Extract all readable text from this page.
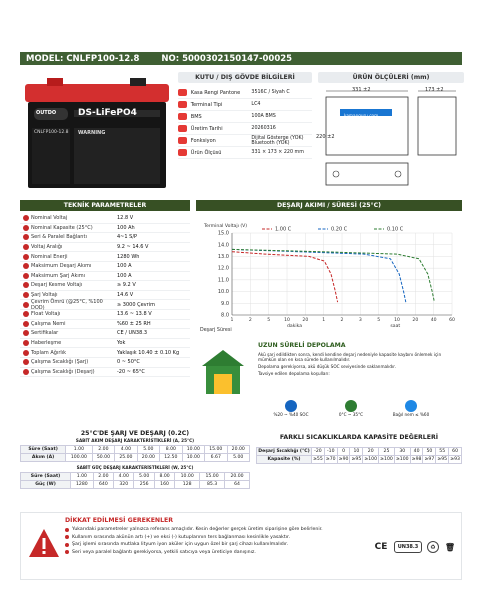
MODEL: CNLFP100-12.8	NO: 5000302150147-00025
DS-LiFePO4
OUTDO
CNLFP100-12.8 WARNING
KUTU / DIŞ GÖVDE BİLGİLERİ
Kasa Rengi Pantone	3516C / Siyah C
Terminal Tipi	LC4
BMS	100A BMS
Üretim Tarihi	20260316
Fonksiyon	Dijital Gösterge (YOK) Bluetooth (YOK)
Ürün Ölçüsü	331 × 173 × 220 mm
ÜRÜN ÖLÇÜLERİ (mm)
331 ±2	173 ±2
220 ±2
kamapguru.com
TEKNİK PARAMETRELER
Nominal Voltaj	12.8 V
Nominal Kapasite (25°C)	100 Ah
Seri & Paralel Bağlantı	4~1 S/P
Voltaj Aralığı	9.2 ~ 14.6 V
Nominal Enerji	1280 Wh
Maksimum Deşarj Akımı	100 A
Maksimum Şarj Akımı	100 A
Deşarj Kesme Voltajı	≥ 9.2 V
Şarj Voltajı	14.6 V
Çevrim Ömrü (@25°C, %100 DOD)	≥ 3000 Çevrim
Float Voltajı	13.6 ~ 13.8 V
Çalışma Nemi	%60 ± 25 RH
Sertifikalar	CE / UN38.3
Haberleşme	Yok
Toplam Ağırlık	Yaklaşık 10.40 ± 0.10 Kg
Çalışma Sıcaklığı (Şarj)	0 ~ 50°C
Çalışma Sıcaklığı (Deşarj)	-20 ~ 65°C
DEŞARJ AKIMI / SÜRESİ (25°C)
15.0
14.0
13.0
12.0
11.0
10.0
9.0
8.0
1	2	5	10	20	1	2	3	5	10	20	40	60
Terminal Voltajı (V)
Deşarj Süresi
dakika	saat
1.00 C	0.20 C	0.10 C
UZUN SÜRELİ DEPOLAMA
Akü şarj edildikten sonra, kendi kendine deşarj nedeniyle kapasite kaybını önlemek için mümkün olan en kısa sürede kullanılmalıdır.
Depolama gerekiyorsa, akü düşük SOC seviyesinde saklanmalıdır.
Tavsiye edilen depolama koşulları:
%20 ~ %40 SOC	0°C ~ 35°C	Bağıl nem ≤ %60
25°C'DE ŞARJ VE DEŞARJ (0.2C)
SABİT AKIM DEŞARJ KARAKTERİSTİKLERİ (A, 25°C)
Süre (Saat)	1.00	2.00	4.00	5.00	8.00	10.00	15.00	20.00
Akım (A)	100.00	50.00	25.00	20.00	12.50	10.00	6.67	5.00
SABİT GÜÇ DEŞARJ KARAKTERİSTİKLERİ (W, 25°C)
Süre (Saat)	1.00	2.00	4.00	5.00	8.00	10.00	15.00	20.00
Güç (W)	1280	640	320	256	160	128	85.3	64
FARKLI SICAKLIKLARDA KAPASİTE DEĞERLERİ
Deşarj Sıcaklığı (°C)	-20	-10	0	10	20	25	30	40	50	55	60
Kapasite (%)	≥55	≥70	≥90	≥95	≥100	≥100	≥100	≥98	≥97	≥95	≥93
DİKKAT EDİLMESİ GEREKENLER
Yukarıdaki parametreler yalnızca referans amaçlıdır. Kesin değerler gerçek üretim siparişine göre belirlenir.
Kullanım sırasında akünün artı (+) ve eksi (-) kutuplarının ters bağlanması kesinlikle yasaktır.
Şarj işlemi sırasında mutlaka lityum iyon aküler için uygun özel bir şarj cihazı kullanılmalıdır.
Seri veya paralel bağlantı gerekiyorsa, yetkili satıcıya veya üreticiye danışınız.	CE	UN38.3	♻	🗑
